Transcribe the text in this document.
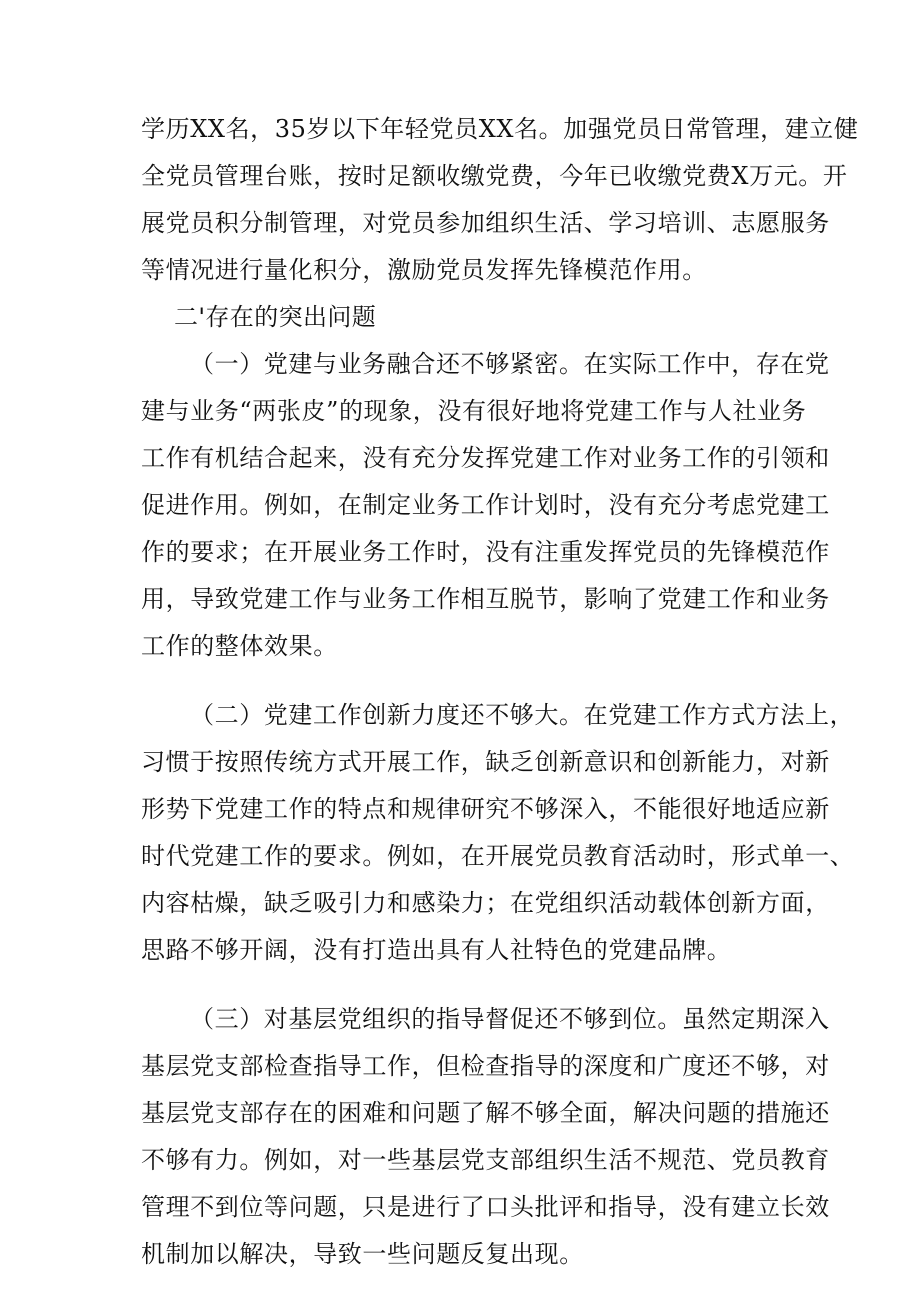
学历XX名，35岁以下年轻党员XX名。加强党员日常管理，建立健
全党员管理台账，按时足额收缴党费，今年已收缴党费X万元。开
展党员积分制管理，对党员参加组织生活、学习培训、志愿服务
等情况进行量化积分，激励党员发挥先锋模范作用。
二'存在的突出问题
（一）党建与业务融合还不够紧密。在实际工作中，存在党
建与业务“两张皮”的现象，没有很好地将党建工作与人社业务
工作有机结合起来，没有充分发挥党建工作对业务工作的引领和
促进作用。例如，在制定业务工作计划时，没有充分考虑党建工
作的要求；在开展业务工作时，没有注重发挥党员的先锋模范作
用，导致党建工作与业务工作相互脱节，影响了党建工作和业务
工作的整体效果。
（二）党建工作创新力度还不够大。在党建工作方式方法上，
习惯于按照传统方式开展工作，缺乏创新意识和创新能力，对新
形势下党建工作的特点和规律研究不够深入，不能很好地适应新
时代党建工作的要求。例如，在开展党员教育活动时，形式单一、
内容枯燥，缺乏吸引力和感染力；在党组织活动载体创新方面，
思路不够开阔，没有打造出具有人社特色的党建品牌。
（三）对基层党组织的指导督促还不够到位。虽然定期深入
基层党支部检查指导工作，但检查指导的深度和广度还不够，对
基层党支部存在的困难和问题了解不够全面，解决问题的措施还
不够有力。例如，对一些基层党支部组织生活不规范、党员教育
管理不到位等问题，只是进行了口头批评和指导，没有建立长效
机制加以解决，导致一些问题反复出现。
